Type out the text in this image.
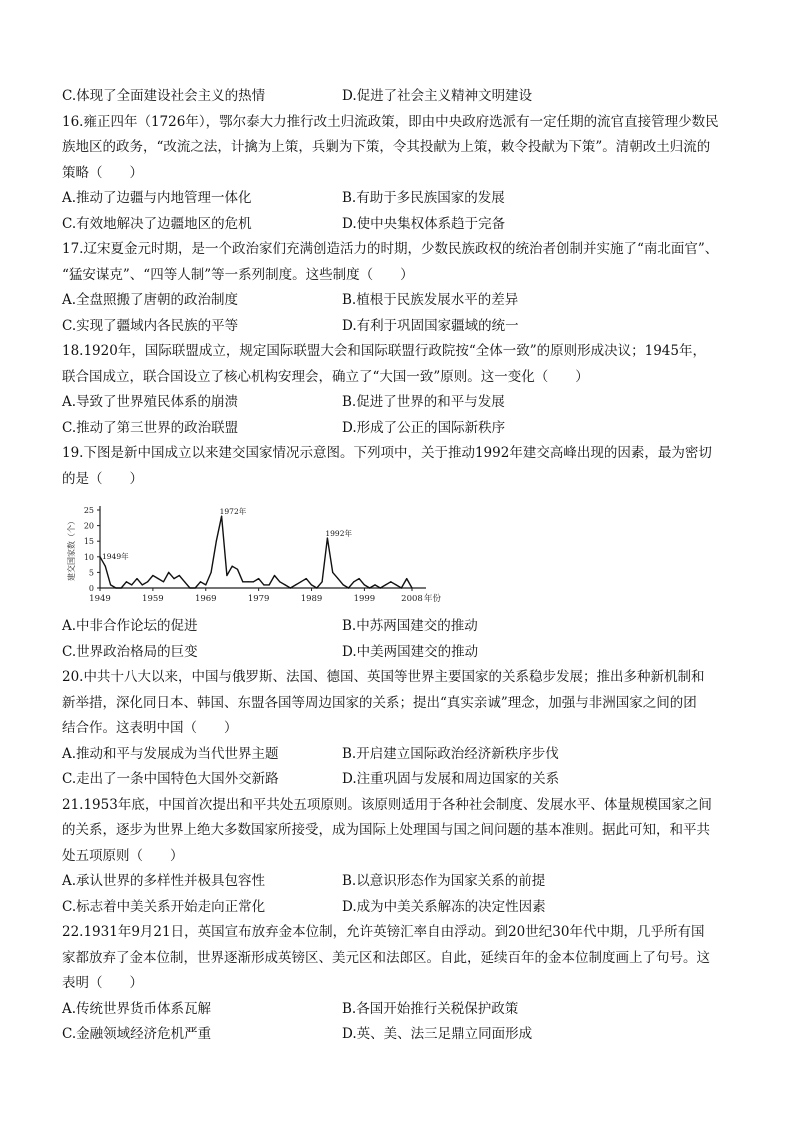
C.体现了全面建设社会主义的热情	D.促进了社会主义精神文明建设
16.雍正四年（1726年），鄂尔泰大力推行改土归流政策，即由中央政府选派有一定任期的流官直接管理少数民
族地区的政务，“改流之法，计擒为上策，兵剿为下策，令其投献为上策，敕令投献为下策”。清朝改土归流的
策略（　　）
A.推动了边疆与内地管理一体化	B.有助于多民族国家的发展
C.有效地解决了边疆地区的危机	D.使中央集权体系趋于完备
17.辽宋夏金元时期，是一个政治家们充满创造活力的时期，少数民族政权的统治者创制并实施了“南北面官”、
“猛安谋克”、“四等人制”等一系列制度。这些制度（　　）
A.全盘照搬了唐朝的政治制度	B.植根于民族发展水平的差异
C.实现了疆域内各民族的平等	D.有利于巩固国家疆域的统一
18.1920年，国际联盟成立，规定国际联盟大会和国际联盟行政院按“全体一致”的原则形成决议；1945年，
联合国成立，联合国设立了核心机构安理会，确立了“大国一致”原则。这一变化（　　）
A.导致了世界殖民体系的崩溃	B.促进了世界的和平与发展
C.推动了第三世界的政治联盟	D.形成了公正的国际新秩序
19.下图是新中国成立以来建交国家情况示意图。下列项中，关于推动1992年建交高峰出现的因素，最为密切
的是（　　）
0
5
10
15
20
25
建交国家数（个）
1949	1959	1969	1979	1989	1999	2008 年份
1949年
1972年
1992年
A.中非合作论坛的促进	B.中苏两国建交的推动
C.世界政治格局的巨变	D.中美两国建交的推动
20.中共十八大以来，中国与俄罗斯、法国、德国、英国等世界主要国家的关系稳步发展；推出多种新机制和
新举措，深化同日本、韩国、东盟各国等周边国家的关系；提出“真实亲诚”理念，加强与非洲国家之间的团
结合作。这表明中国（　　）
A.推动和平与发展成为当代世界主题	B.开启建立国际政治经济新秩序步伐
C.走出了一条中国特色大国外交新路	D.注重巩固与发展和周边国家的关系
21.1953年底，中国首次提出和平共处五项原则。该原则适用于各种社会制度、发展水平、体量规模国家之间
的关系，逐步为世界上绝大多数国家所接受，成为国际上处理国与国之间问题的基本准则。据此可知，和平共
处五项原则（　　）
A.承认世界的多样性并极具包容性	B.以意识形态作为国家关系的前提
C.标志着中美关系开始走向正常化	D.成为中美关系解冻的决定性因素
22.1931年9月21日，英国宣布放弃金本位制，允许英镑汇率自由浮动。到20世纪30年代中期，几乎所有国
家都放弃了金本位制，世界逐渐形成英镑区、美元区和法郎区。自此，延续百年的金本位制度画上了句号。这
表明（　　）
A.传统世界货币体系瓦解	B.各国开始推行关税保护政策
C.金融领域经济危机严重	D.英、美、法三足鼎立同面形成
